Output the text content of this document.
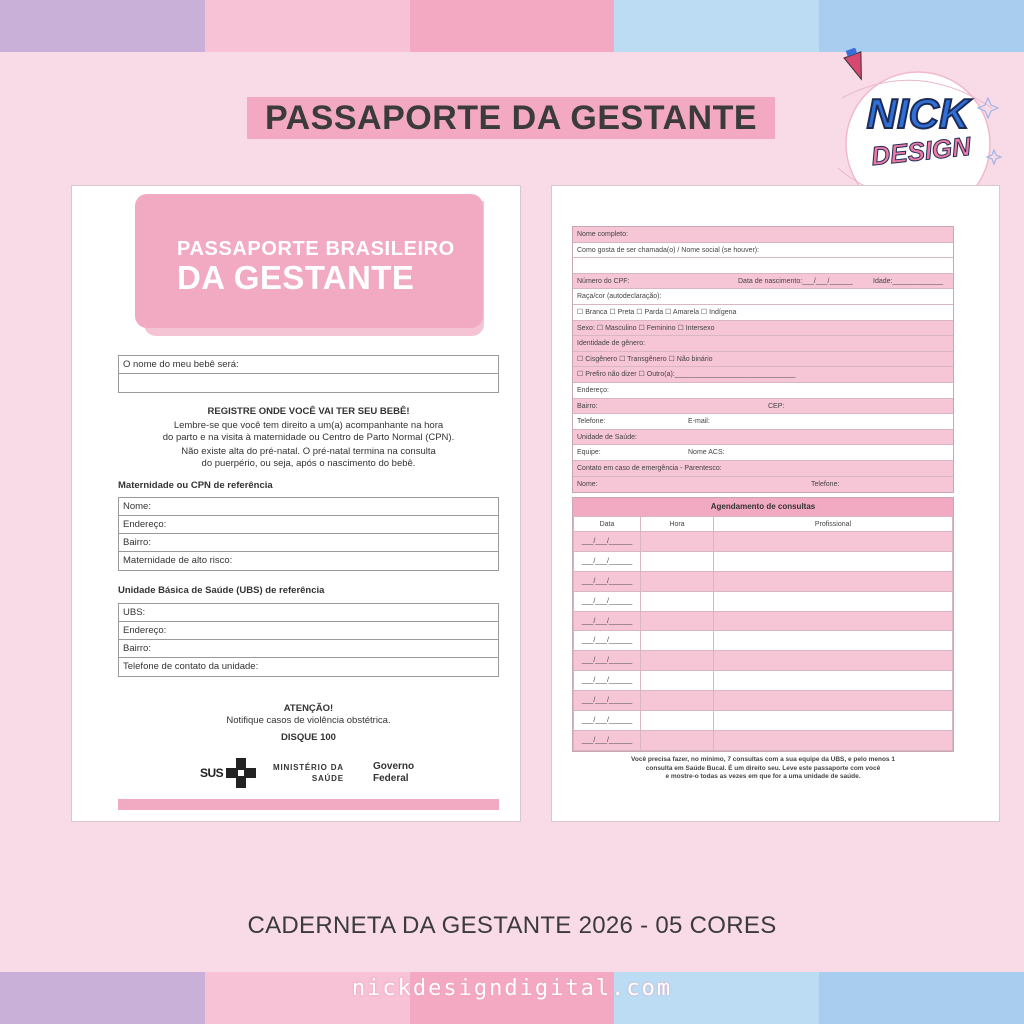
PASSAPORTE DA GESTANTE	NICK
DESIGN
PASSAPORTE BRASILEIRO
DA GESTANTE
O nome do meu bebê será:
REGISTRE ONDE VOCÊ VAI TER SEU BEBÊ!
Lembre-se que você tem direito a um(a) acompanhante na hora
do parto e na visita à maternidade ou Centro de Parto Normal (CPN).
Não existe alta do pré-natal. O pré-natal termina na consulta
do puerpério, ou seja, após o nascimento do bebê.
Maternidade ou CPN de referência
Nome:
Endereço:
Bairro:
Maternidade de alto risco:
Unidade Básica de Saúde (UBS) de referência
UBS:
Endereço:
Bairro:
Telefone de contato da unidade:
ATENÇÃO!
Notifique casos de violência obstétrica.
DISQUE 100
SUS	MINISTÉRIO DA
SAÚDE
Governo
Federal
Nome completo:
Como gosta de ser chamada(o) / Nome social (se houver):
Número do CPF:	Data de nascimento:___/___/______	Idade:_____________
Raça/cor (autodeclaração):
☐ Branca ☐ Preta ☐ Parda ☐ Amarela ☐ Indígena
Sexo: ☐ Masculino ☐ Feminino ☐ Intersexo
Identidade de gênero:
☐ Cisgênero ☐ Transgênero ☐ Não binário
☐ Prefiro não dizer ☐ Outro(a):_______________________________
Endereço:
Bairro:	CEP:
Telefone:	E-mail:
Unidade de Saúde:
Equipe:	Nome ACS:
Contato em caso de emergência - Parentesco:
Nome:	Telefone:
Agendamento de consultas
Data	Hora	Profissional
___/___/______		
___/___/______		
___/___/______		
___/___/______		
___/___/______		
___/___/______		
___/___/______		
___/___/______		
___/___/______		
___/___/______		
___/___/______		
Você precisa fazer, no mínimo, 7 consultas com a sua equipe da UBS, e pelo menos 1
consulta em Saúde Bucal. É um direito seu. Leve este passaporte com você
e mostre-o todas as vezes em que for a uma unidade de saúde.
CADERNETA DA GESTANTE 2026 - 05 CORES
nickdesigndigital.com
